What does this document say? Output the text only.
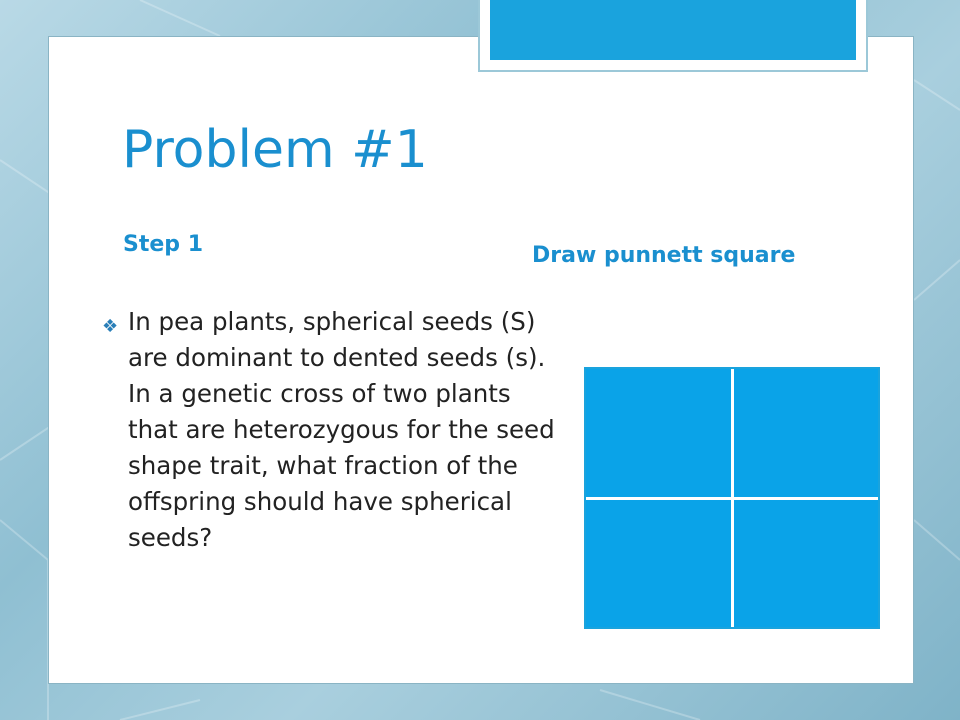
Problem #1
Step 1	Draw punnett square
❖ In pea plants, spherical seeds (S) are dominant to dented seeds (s). In a genetic cross of two plants that are heterozygous for the seed shape trait, what fraction of the offspring should have spherical seeds?
